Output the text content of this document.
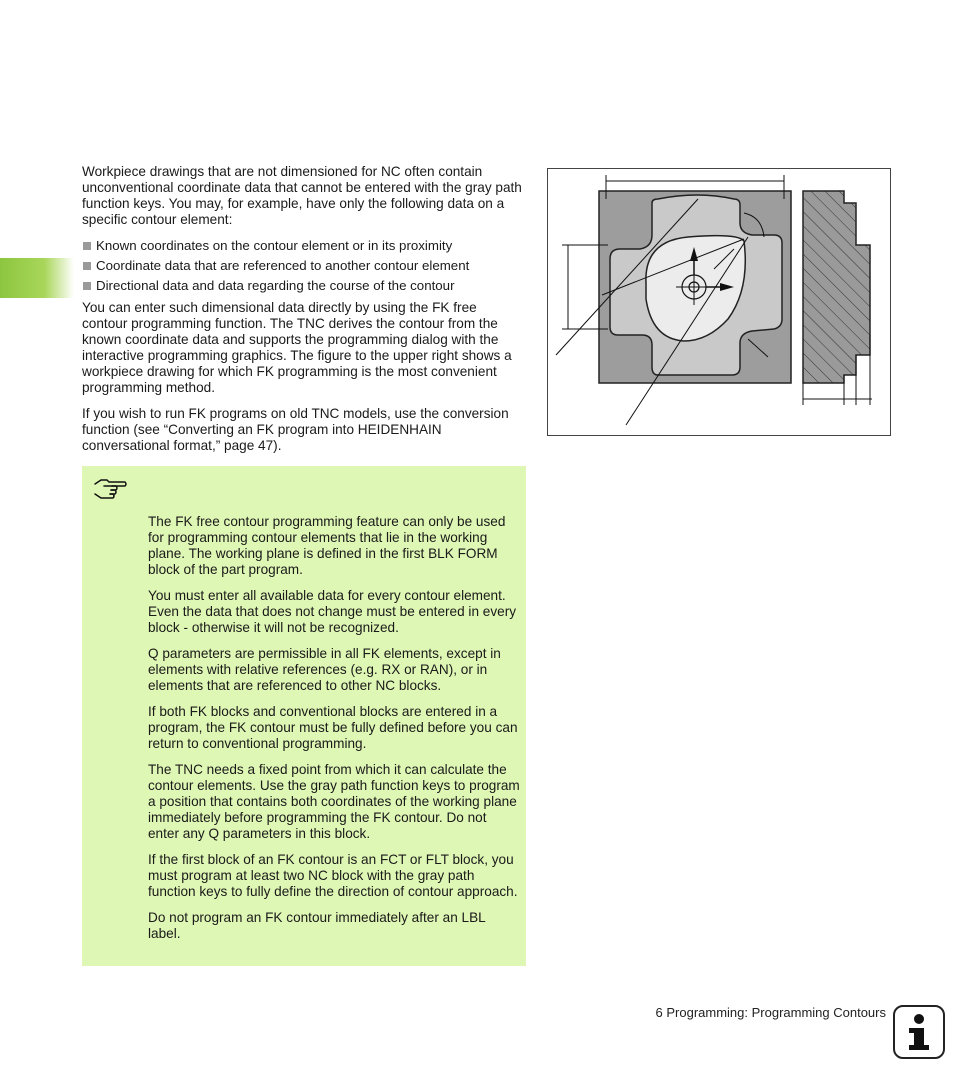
Workpiece drawings that are not dimensioned for NC often contain unconventional coordinate data that cannot be entered with the gray path function keys. You may, for example, have only the following data on a specific contour element:

Known coordinates on the contour element or in its proximity
Coordinate data that are referenced to another contour element
Directional data and data regarding the course of the contour

You can enter such dimensional data directly by using the FK free contour programming function. The TNC derives the contour from the known coordinate data and supports the programming dialog with the interactive programming graphics. The figure to the upper right shows a workpiece drawing for which FK programming is the most convenient programming method.

If you wish to run FK programs on old TNC models, use the conversion function (see “Converting an FK program into HEIDENHAIN conversational format,” page 47).

The FK free contour programming feature can only be used for programming contour elements that lie in the working plane. The working plane is defined in the first BLK FORM block of the part program.

You must enter all available data for every contour element. Even the data that does not change must be entered in every block - otherwise it will not be recognized.

Q parameters are permissible in all FK elements, except in elements with relative references (e.g. RX or RAN), or in elements that are referenced to other NC blocks.

If both FK blocks and conventional blocks are entered in a program, the FK contour must be fully defined before you can return to conventional programming.

The TNC needs a fixed point from which it can calculate the contour elements. Use the gray path function keys to program a position that contains both coordinates of the working plane immediately before programming the FK contour. Do not enter any Q parameters in this block.

If the first block of an FK contour is an FCT or FLT block, you must program at least two NC block with the gray path function keys to fully define the direction of contour approach.

Do not program an FK contour immediately after an LBL label.

6 Programming: Programming Contours
